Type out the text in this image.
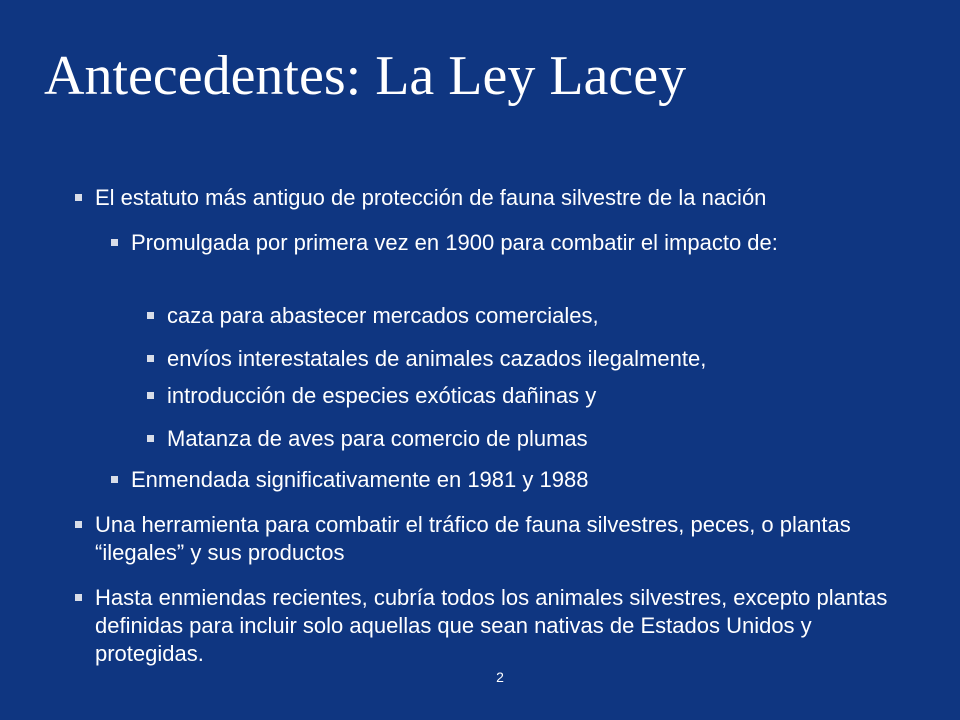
Antecedentes: La Ley Lacey
El estatuto más antiguo de protección de fauna silvestre de la nación
Promulgada por primera vez en 1900 para combatir el impacto de:
caza para abastecer mercados comerciales,
envíos interestatales de animales cazados ilegalmente,
introducción de especies exóticas dañinas y
Matanza de aves para comercio de plumas
Enmendada significativamente en 1981 y 1988
Una herramienta para combatir el tráfico de fauna silvestres, peces, o plantas “ilegales” y sus productos
Hasta enmiendas recientes, cubría todos los animales silvestres, excepto plantas definidas para incluir solo aquellas que sean nativas de Estados Unidos y protegidas.
2
